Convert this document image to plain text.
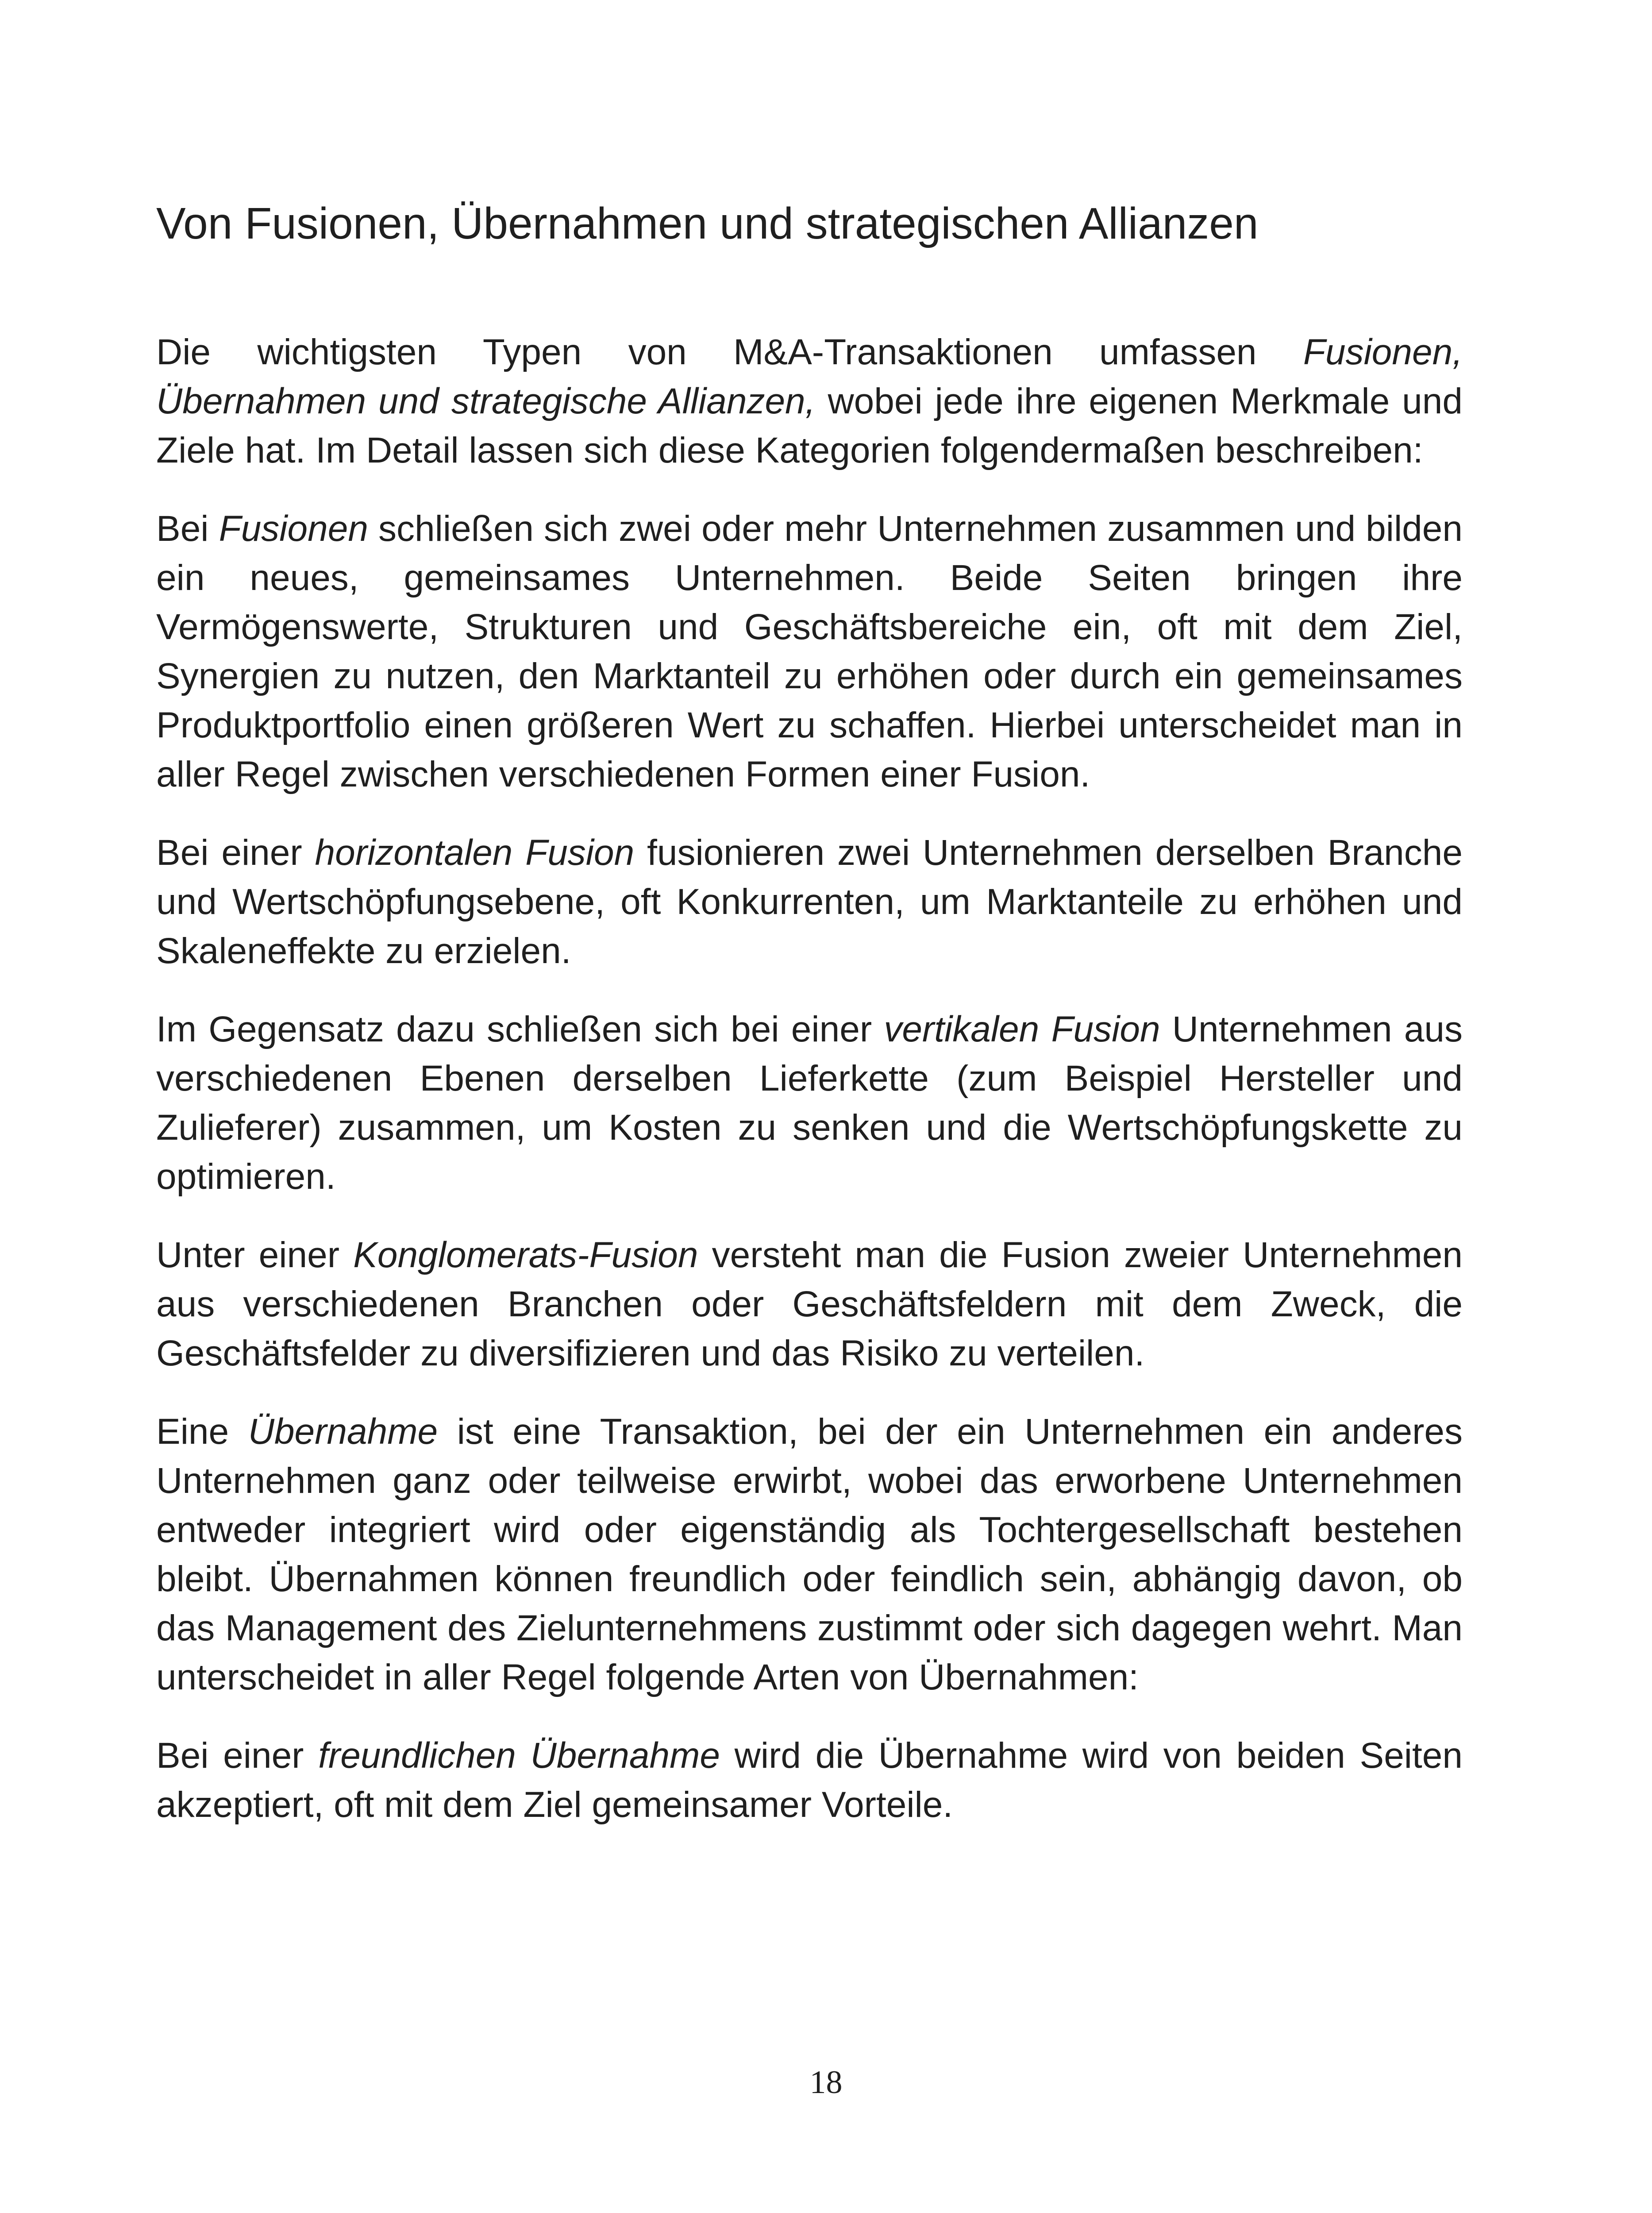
Von Fusionen, Übernahmen und strategischen Allianzen

Die wichtigsten Typen von M&A-Transaktionen umfassen Fusionen, Übernahmen und strategische Allianzen, wobei jede ihre eigenen Merkmale und Ziele hat. Im Detail lassen sich diese Kategorien folgendermaßen beschreiben:

Bei Fusionen schließen sich zwei oder mehr Unternehmen zusammen und bilden ein neues, gemeinsames Unternehmen. Beide Seiten bringen ihre Vermögenswerte, Strukturen und Geschäftsbereiche ein, oft mit dem Ziel, Synergien zu nutzen, den Marktanteil zu erhöhen oder durch ein gemeinsames Produktportfolio einen größeren Wert zu schaffen. Hierbei unterscheidet man in aller Regel zwischen verschiedenen Formen einer Fusion.

Bei einer horizontalen Fusion fusionieren zwei Unternehmen derselben Branche und Wertschöpfungsebene, oft Konkurrenten, um Marktanteile zu erhöhen und Skaleneffekte zu erzielen.

Im Gegensatz dazu schließen sich bei einer vertikalen Fusion Unternehmen aus verschiedenen Ebenen derselben Lieferkette (zum Beispiel Hersteller und Zulieferer) zusammen, um Kosten zu senken und die Wertschöpfungskette zu optimieren.

Unter einer Konglomerats-Fusion versteht man die Fusion zweier Unternehmen aus verschiedenen Branchen oder Geschäftsfeldern mit dem Zweck, die Geschäftsfelder zu diversifizieren und das Risiko zu verteilen.

Eine Übernahme ist eine Transaktion, bei der ein Unternehmen ein anderes Unternehmen ganz oder teilweise erwirbt, wobei das erworbene Unternehmen entweder integriert wird oder eigenständig als Tochtergesellschaft bestehen bleibt. Übernahmen können freundlich oder feindlich sein, abhängig davon, ob das Management des Zielunternehmens zustimmt oder sich dagegen wehrt. Man unterscheidet in aller Regel folgende Arten von Übernahmen:

Bei einer freundlichen Übernahme wird die Übernahme wird von beiden Seiten akzeptiert, oft mit dem Ziel gemeinsamer Vorteile.

18
